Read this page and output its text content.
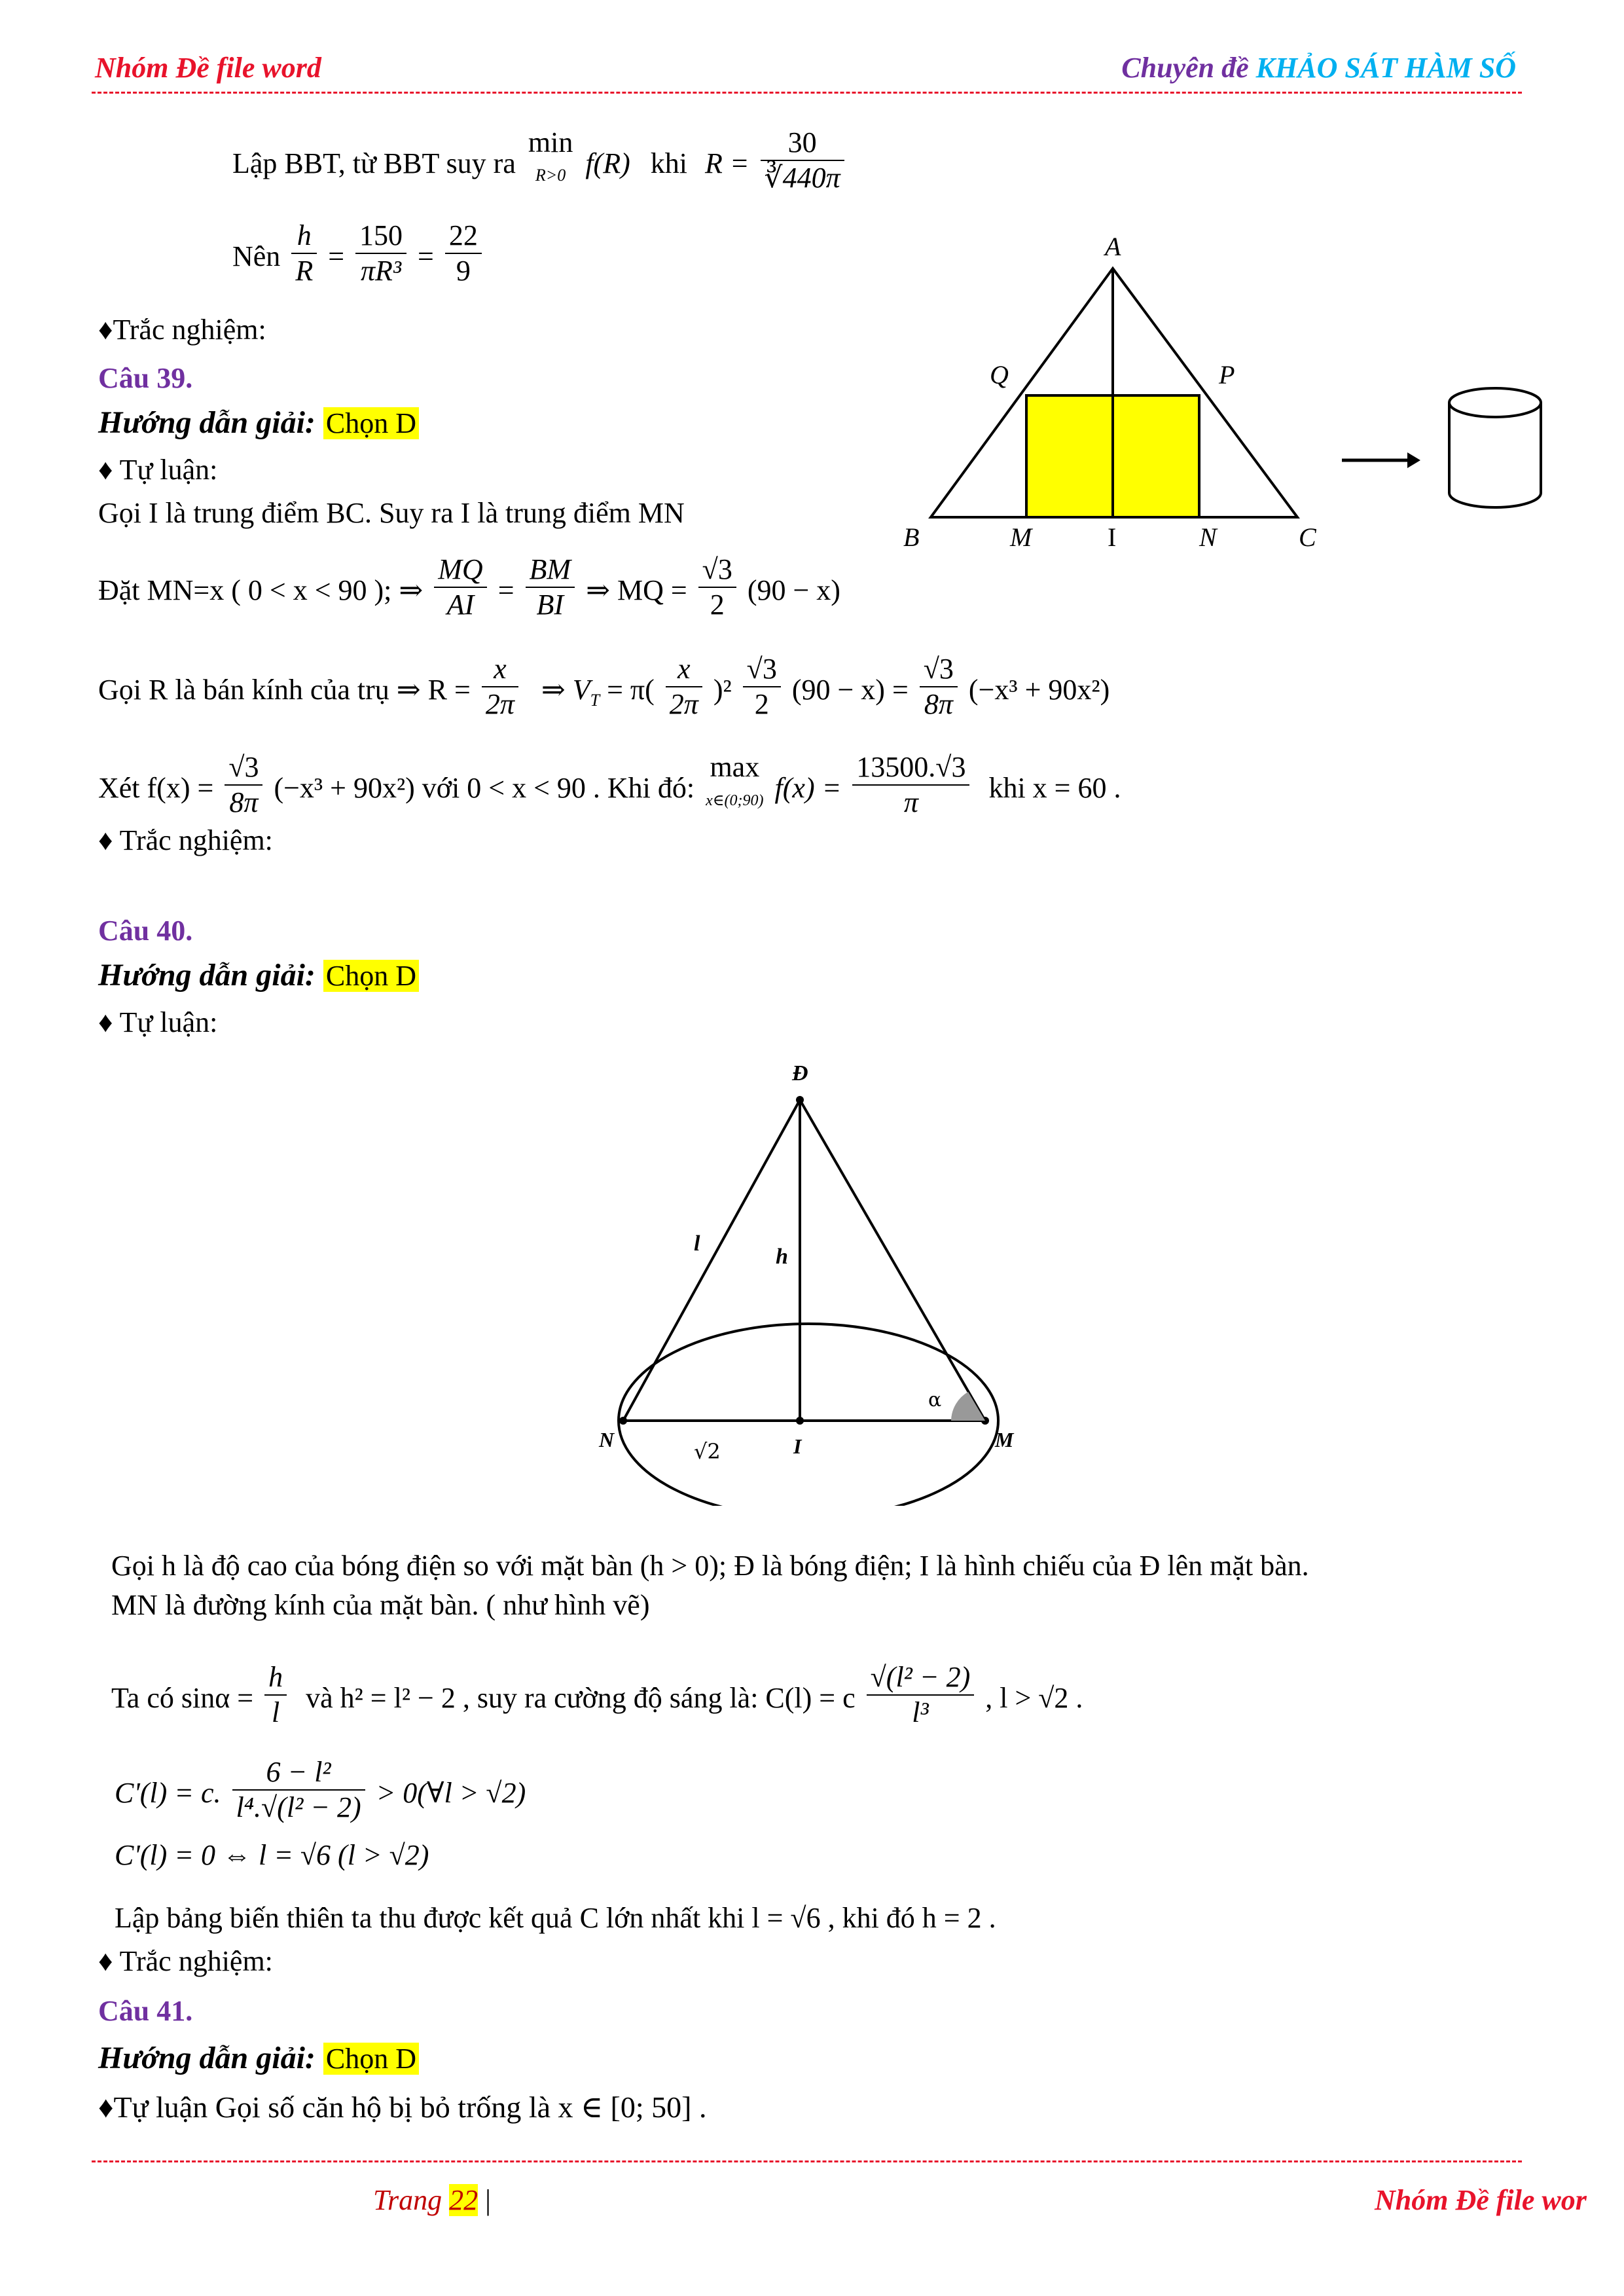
Nhóm Đề file word	Chuyên đề KHẢO SÁT HÀM SỐ
Lập BBT, từ BBT suy ra min
R>0 f(R) khi $R = \frac{30}{∛440\pi}$
Nên $\frac{h}{R} = \frac{150}{\text{πR³}} = \frac{22}{9}$
♦Trắc nghiệm:
Câu 39.
Hướng dẫn giải: Chọn D
♦ Tự luận:
Gọi I là trung điểm BC. Suy ra I là trung điểm MN
Đặt MN=x ( 0 < x < 90 ); ⇒ $\frac{MQ}{AI} = \frac{BM}{BI}$ ⇒ MQ = $\frac{√3}{2} (90 - x)$
Gọi R là bán kính của trụ ⇒ $R = \frac{x}{2\pi}$ ⇒ $V_T = \pi( \frac{x}{2\pi} )^2 \frac{√3}{2} (90 - x) = \frac{√3}{8\pi} (-x^3 + 90x^2)$
Xét $f(x) = \frac{√3}{8\pi} (-x^3 + 90x^2)$ với 0 < x < 90 . Khi đó: max
x∈(0;90) $f(x) = \frac{13500.√3}{\pi}$ khi x = 60 .
♦ Trắc nghiệm:
A
Q	P
B	M	I	N	C
Câu 40.
Hướng dẫn giải: Chọn D
♦ Tự luận:
Đ
l
h
α
N	M
I
√2
Gọi h là độ cao của bóng điện so với mặt bàn (h > 0); Đ là bóng điện; I là hình chiếu của Đ lên mặt bàn.
MN là đường kính của mặt bàn. ( như hình vẽ)
Ta có $\sin\alpha = \frac{h}{l}$ và h² = l² − 2 , suy ra cường độ sáng là: C(l) = c $\frac{\text{√(l² − 2)}}{\text{l³}}$ , l > √2 .
C'(l) = c. $\frac{\text{6 − l²}}{\text{l⁴.√(l² − 2)}}$ > 0(∀l > √2)
C'(l) = 0 ⇔ l = √6 (l > √2)
Lập bảng biến thiên ta thu được kết quả C lớn nhất khi l = √6 , khi đó h = 2 .
♦ Trắc nghiệm:
Câu 41.
Hướng dẫn giải: Chọn D
♦Tự luận Gọi số căn hộ bị bỏ trống là x ∈ [0; 50] .
Trang 22 |	Nhóm Đề file wor
